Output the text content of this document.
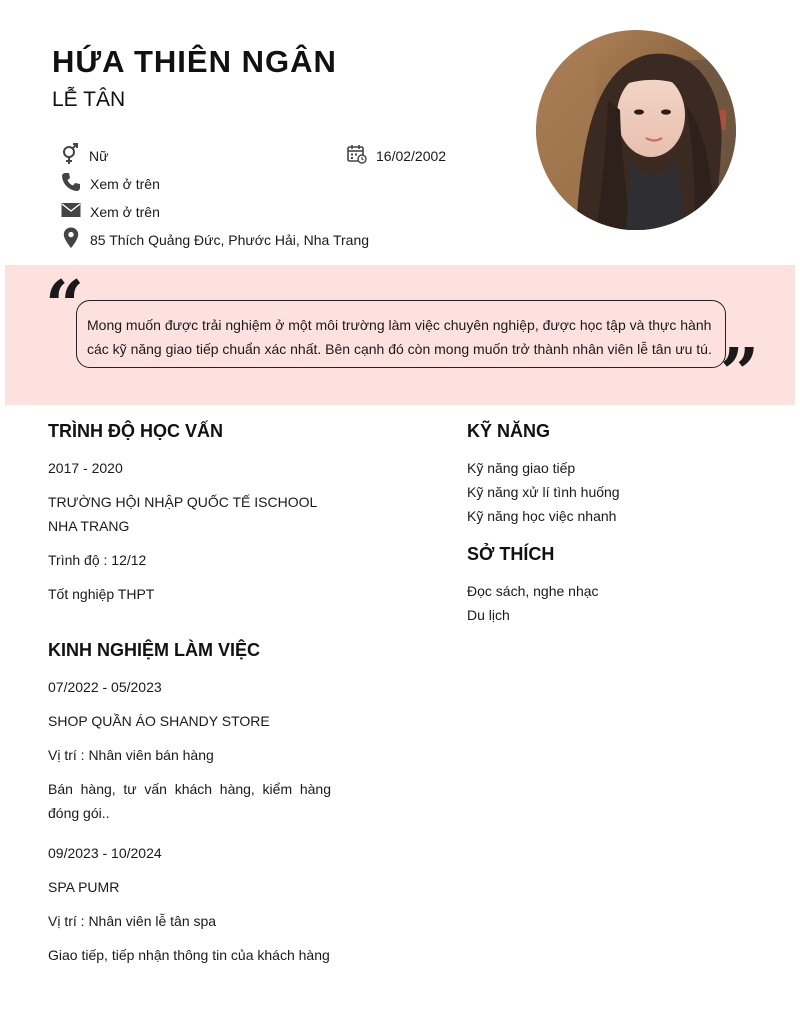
HỨA THIÊN NGÂN
LỄ TÂN
Nữ	16/02/2002
Xem ở trên
Xem ở trên
85 Thích Quảng Đức, Phước Hải, Nha Trang
“ Mong muốn được trải nghiệm ở một môi trường làm việc chuyên nghiệp, được học tập và thực hành
các kỹ năng giao tiếp chuẩn xác nhất. Bên cạnh đó còn mong muốn trở thành nhân viên lễ tân ưu tú. ”
TRÌNH ĐỘ HỌC VẤN
2017 - 2020
TRƯỜNG HỘI NHẬP QUỐC TẾ ISCHOOL NHA TRANG
Trình độ : 12/12
Tốt nghiệp THPT
KINH NGHIỆM LÀM VIỆC
07/2022 - 05/2023
SHOP QUẦN ÁO SHANDY STORE
Vị trí : Nhân viên bán hàng
Bán hàng, tư vấn khách hàng, kiểm hàng đóng gói..
09/2023 - 10/2024
SPA PUMR
Vị trí : Nhân viên lễ tân spa
Giao tiếp, tiếp nhận thông tin của khách hàng
KỸ NĂNG
Kỹ năng giao tiếp
Kỹ năng xử lí tình huống
Kỹ năng học việc nhanh
SỞ THÍCH
Đọc sách, nghe nhạc
Du lịch
